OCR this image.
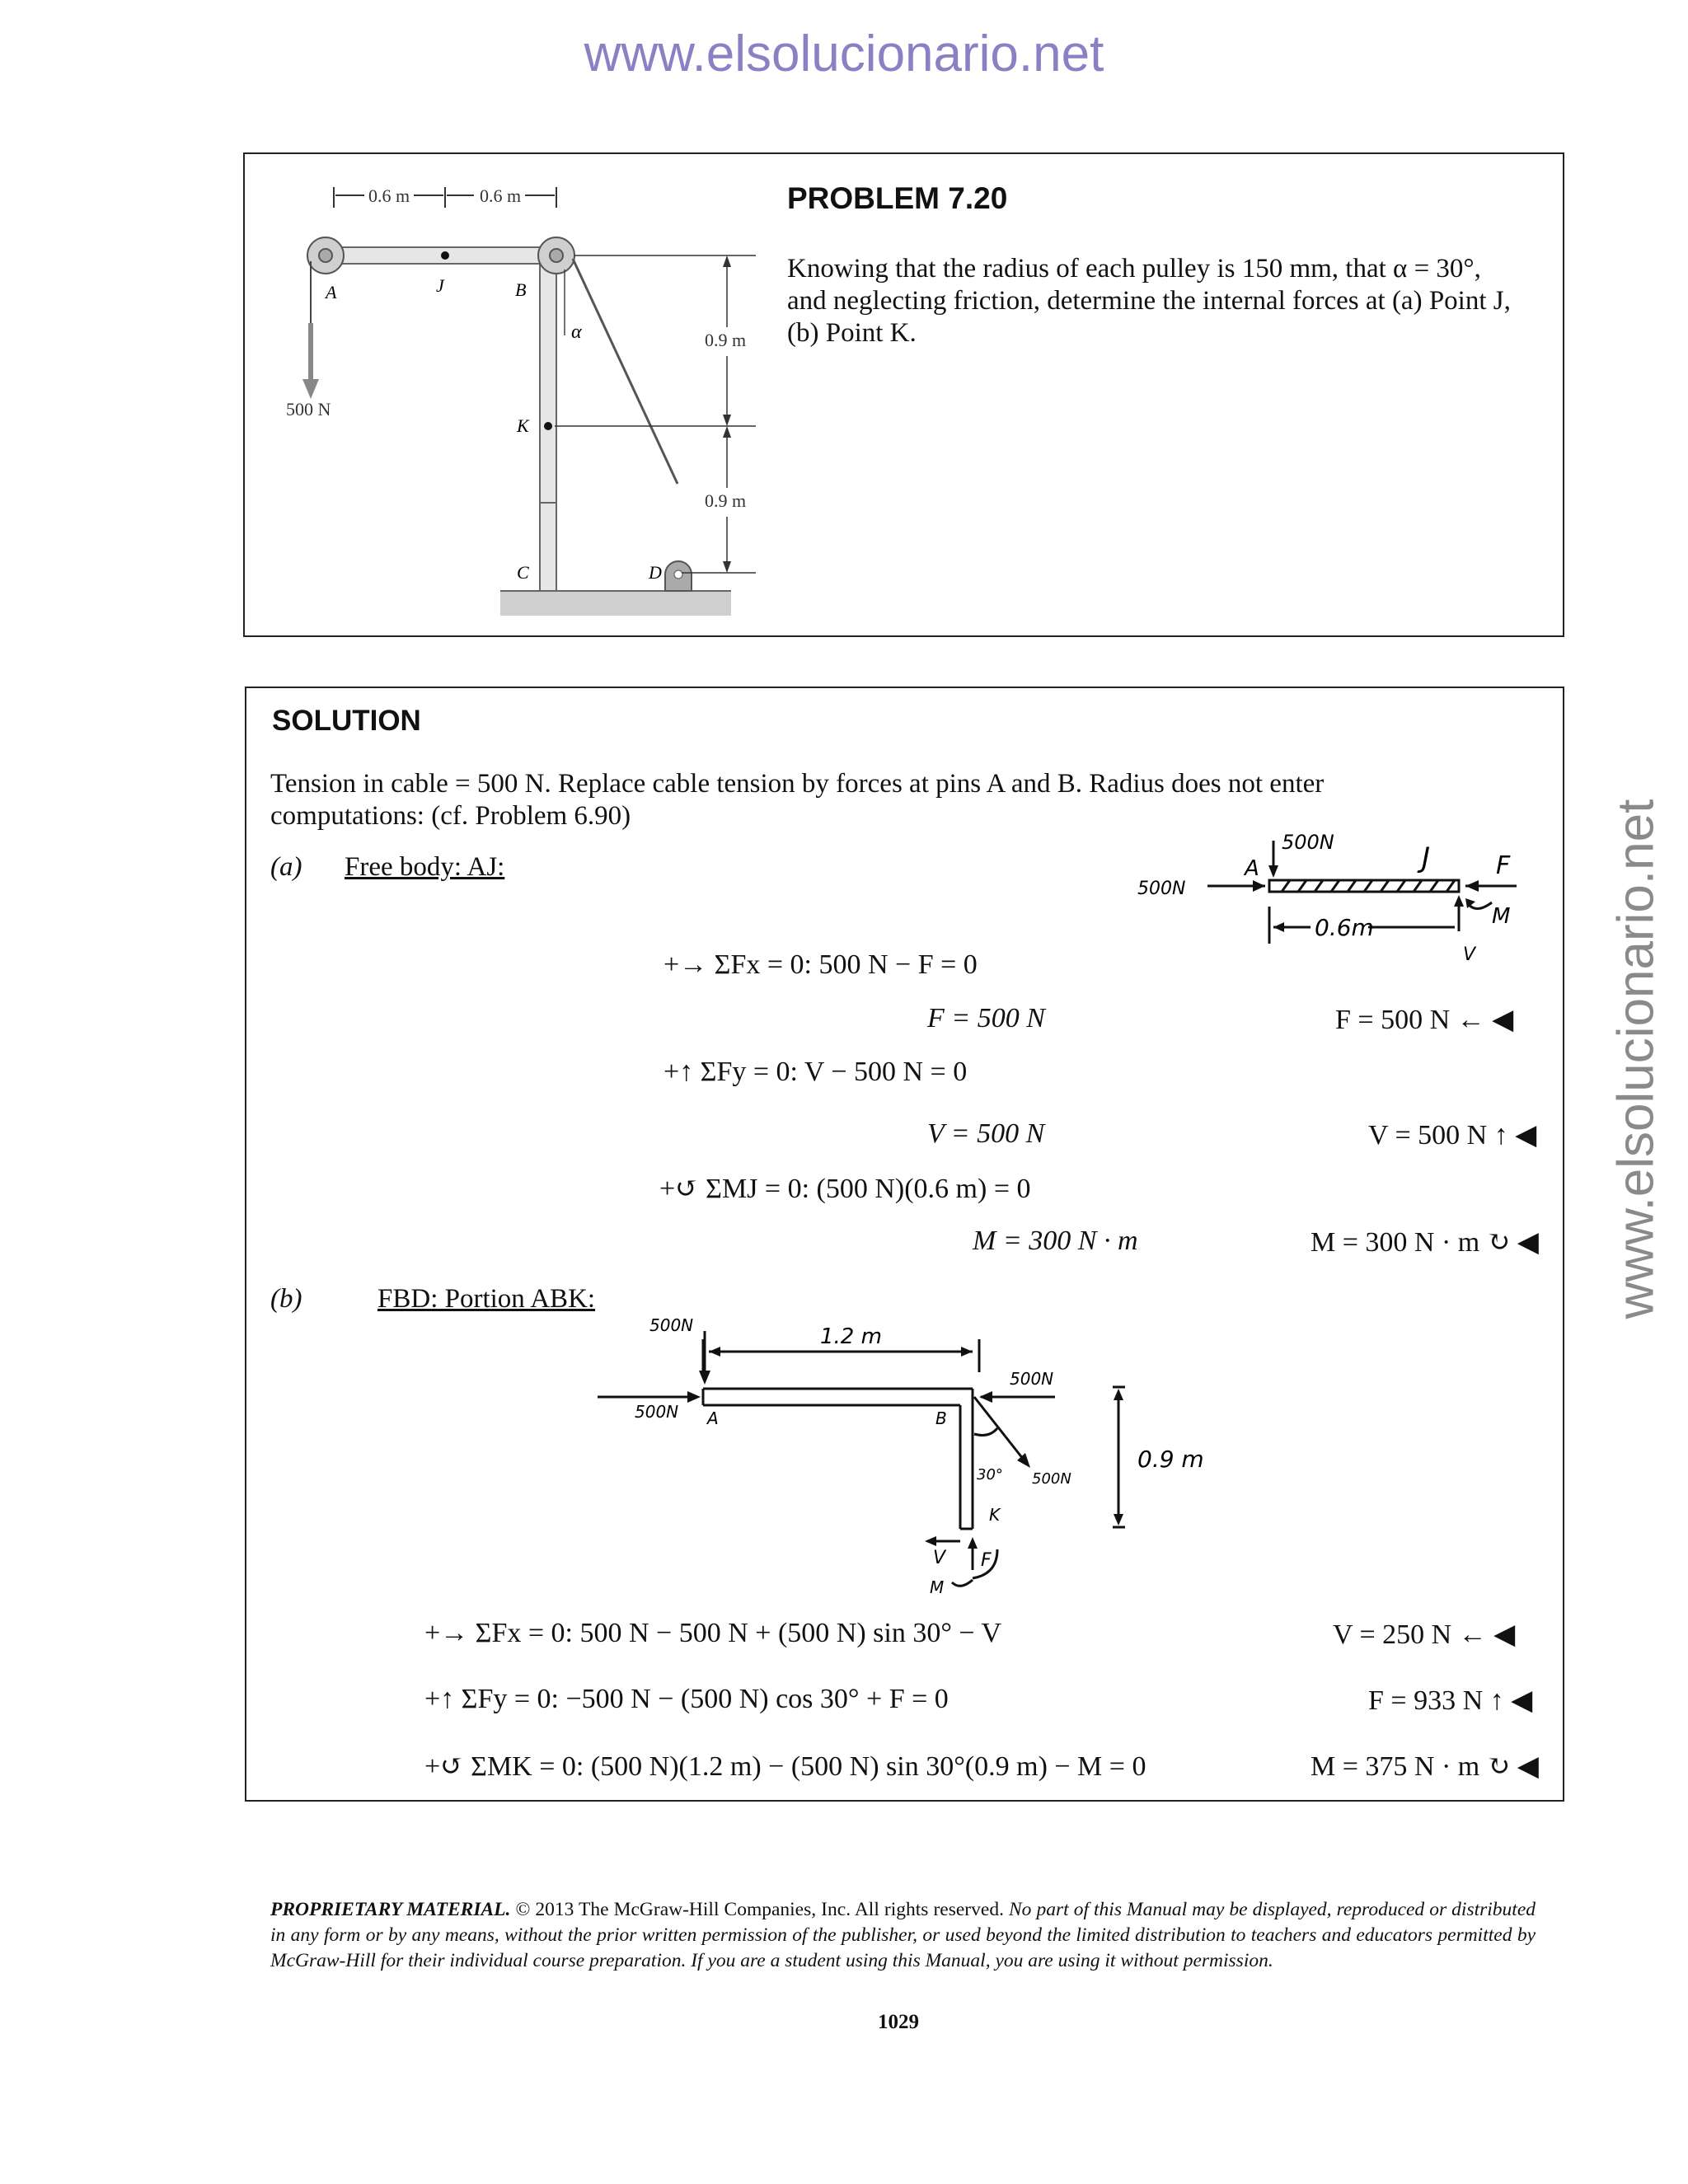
www.elsolucionario.net
www.elsolucionario.net
0.6 m	0.6 m
500 N
A	J	B
α
K
C	D
0.9 m
0.9 m
PROBLEM 7.20
Knowing that the radius of each pulley is 150 mm, that α = 30°,
and neglecting friction, determine the internal forces at (a) Point J,
(b) Point K.
SOLUTION
Tension in cable = 500 N. Replace cable tension by forces at pins A and B. Radius does not enter
computations: (cf. Problem 6.90)
(a) Free body: AJ:
500N
500N
A	J	F
M
V
0.6m
+→ ΣFx = 0: 500 N − F = 0
F = 500 N	F = 500 N ← ◀
+↑ ΣFy = 0: V − 500 N = 0
V = 500 N	V = 500 N ↑ ◀
+↺ ΣMJ = 0: (500 N)(0.6 m) = 0
M = 300 N · m	M = 300 N · m ↻ ◀
(b)	FBD: Portion ABK:
500N
500N A
1.2 m
500N
B
30° 500N
K
0.9 m
V F
M
+→ ΣFx = 0: 500 N − 500 N + (500 N) sin 30° − V	V = 250 N ← ◀
+↑ ΣFy = 0: −500 N − (500 N) cos 30° + F = 0	F = 933 N ↑ ◀
+↺ ΣMK = 0: (500 N)(1.2 m) − (500 N) sin 30°(0.9 m) − M = 0	M = 375 N · m ↻ ◀
PROPRIETARY MATERIAL. © 2013 The McGraw-Hill Companies, Inc. All rights reserved. No part of this Manual may be displayed, reproduced or distributed in any form or by any means, without the prior written permission of the publisher, or used beyond the limited distribution to teachers and educators permitted by McGraw-Hill for their individual course preparation. If you are a student using this Manual, you are using it without permission.
1029
